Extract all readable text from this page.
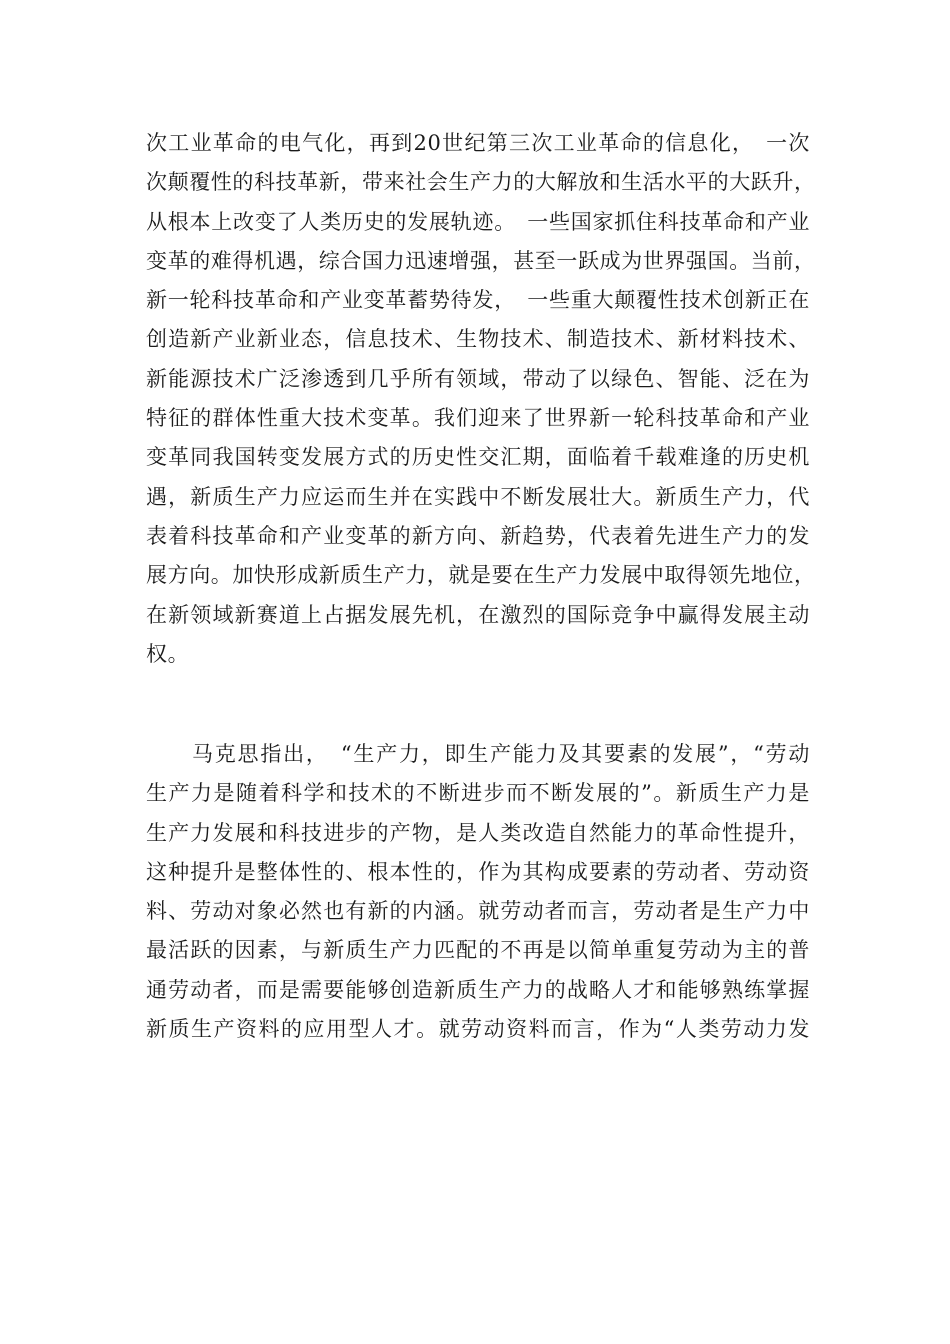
次工业革命的电气化，再到20世纪第三次工业革命的信息化，　一次
次颠覆性的科技革新，带来社会生产力的大解放和生活水平的大跃升，
从根本上改变了人类历史的发展轨迹。　一些国家抓住科技革命和产业
变革的难得机遇，综合国力迅速增强，甚至一跃成为世界强国。当前，
新一轮科技革命和产业变革蓄势待发，　一些重大颠覆性技术创新正在
创造新产业新业态，信息技术、生物技术、制造技术、新材料技术、
新能源技术广泛渗透到几乎所有领域，带动了以绿色、智能、泛在为
特征的群体性重大技术变革。我们迎来了世界新一轮科技革命和产业
变革同我国转变发展方式的历史性交汇期，面临着千载难逢的历史机
遇，新质生产力应运而生并在实践中不断发展壮大。新质生产力，代
表着科技革命和产业变革的新方向、新趋势，代表着先进生产力的发
展方向。加快形成新质生产力，就是要在生产力发展中取得领先地位，
在新领域新赛道上占据发展先机，在激烈的国际竞争中赢得发展主动
权。
马克思指出，　“生产力，即生产能力及其要素的发展”，“劳动
生产力是随着科学和技术的不断进步而不断发展的”。新质生产力是
生产力发展和科技进步的产物，是人类改造自然能力的革命性提升，
这种提升是整体性的、根本性的，作为其构成要素的劳动者、劳动资
料、劳动对象必然也有新的内涵。就劳动者而言，劳动者是生产力中
最活跃的因素，与新质生产力匹配的不再是以简单重复劳动为主的普
通劳动者，而是需要能够创造新质生产力的战略人才和能够熟练掌握
新质生产资料的应用型人才。就劳动资料而言，作为“人类劳动力发
